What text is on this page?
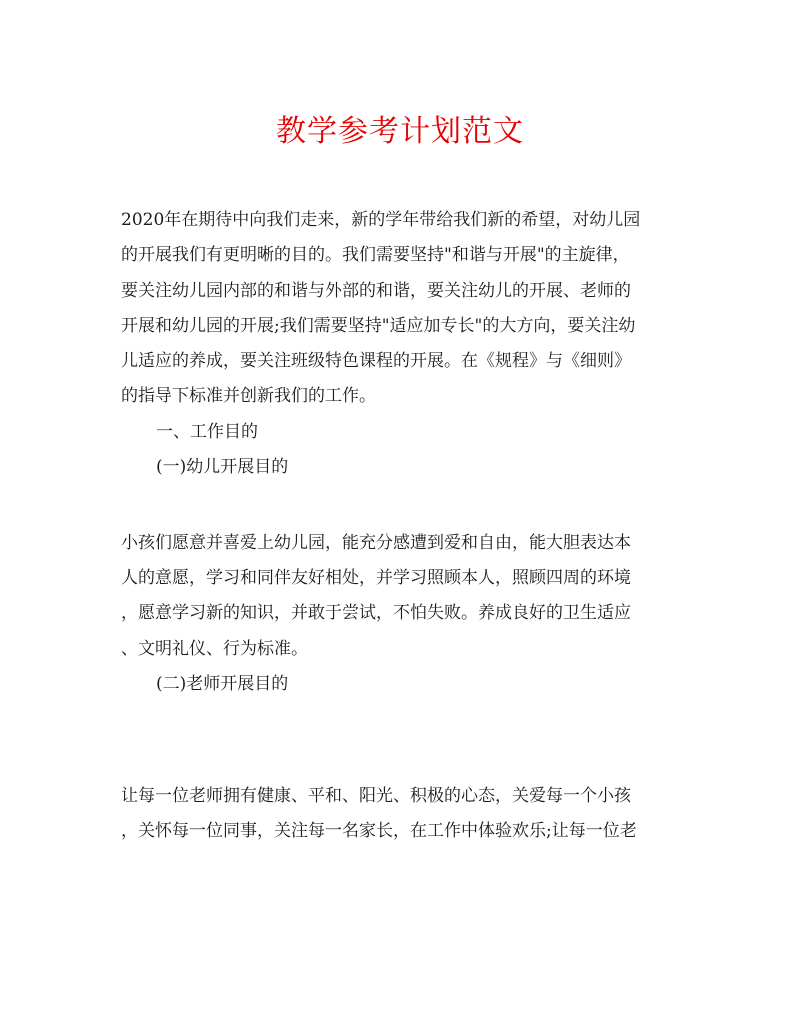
教学参考计划范文
2020年在期待中向我们走来，新的学年带给我们新的希望，对幼儿园
的开展我们有更明晰的目的。我们需要坚持"和谐与开展"的主旋律，
要关注幼儿园内部的和谐与外部的和谐，要关注幼儿的开展、老师的
开展和幼儿园的开展;我们需要坚持"适应加专长"的大方向，要关注幼
儿适应的养成，要关注班级特色课程的开展。在《规程》与《细则》
的指导下标准并创新我们的工作。
一、工作目的
(一)幼儿开展目的
小孩们愿意并喜爱上幼儿园，能充分感遭到爱和自由，能大胆表达本
人的意愿，学习和同伴友好相处，并学习照顾本人，照顾四周的环境
，愿意学习新的知识，并敢于尝试，不怕失败。养成良好的卫生适应
、文明礼仪、行为标准。
(二)老师开展目的
让每一位老师拥有健康、平和、阳光、积极的心态，关爱每一个小孩
，关怀每一位同事，关注每一名家长，在工作中体验欢乐;让每一位老
